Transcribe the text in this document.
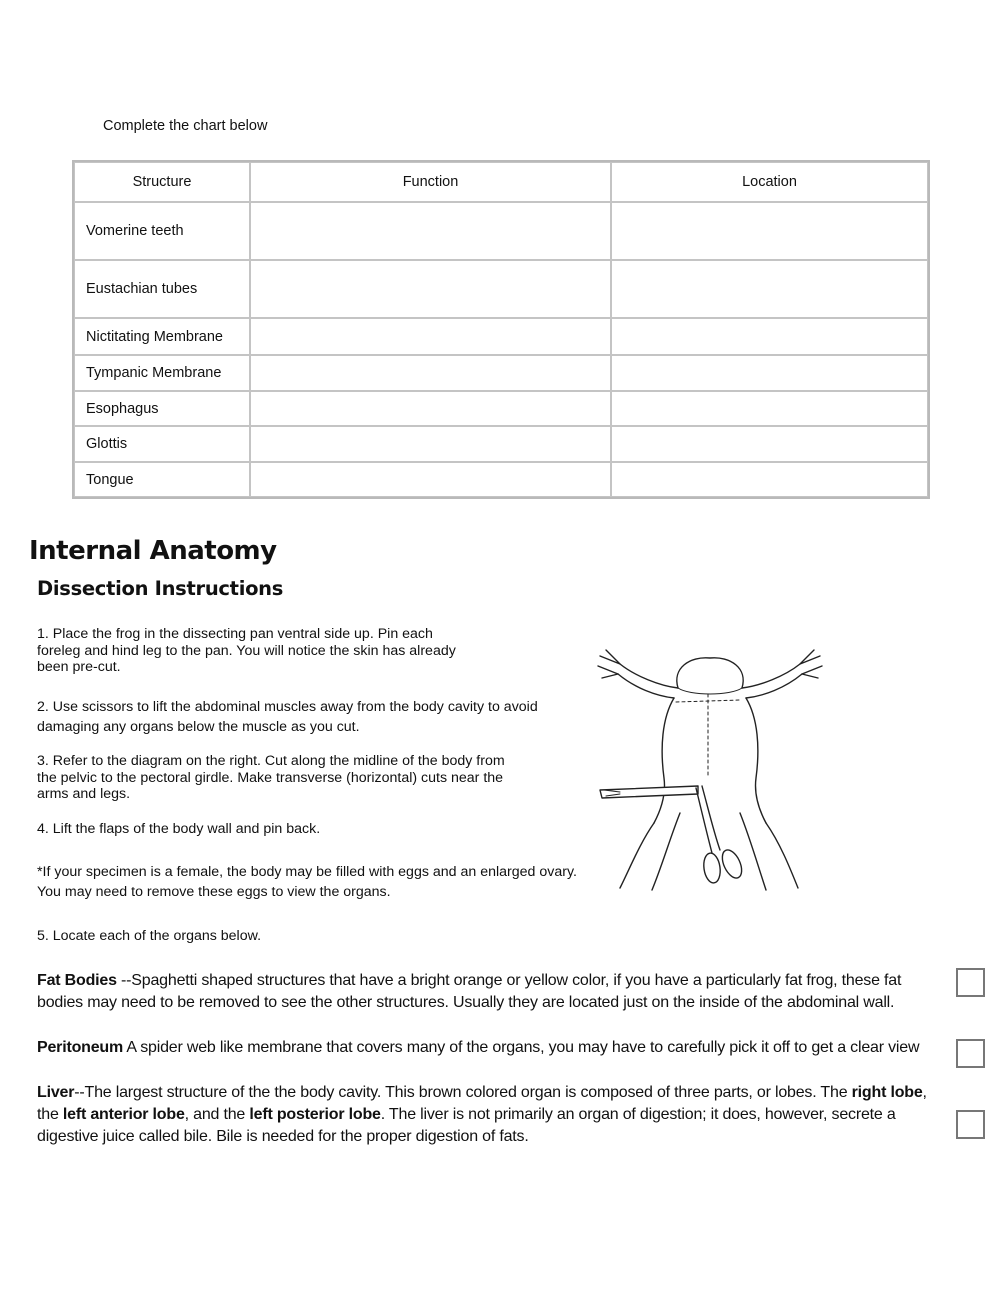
Complete the chart below
Structure	Function	Location
Vomerine teeth		
Eustachian tubes		
Nictitating Membrane		
Tympanic Membrane		
Esophagus		
Glottis		
Tongue		
Internal Anatomy
Dissection Instructions
1. Place the frog in the dissecting pan ventral side up. Pin each foreleg and hind leg to the pan. You will notice the skin has already been pre-cut.
2. Use scissors to lift the abdominal muscles away from the body cavity to avoid damaging any organs below the muscle as you cut.
3. Refer to the diagram on the right. Cut along the midline of the body from the pelvic to the pectoral girdle. Make transverse (horizontal) cuts near the arms and legs.
4. Lift the flaps of the body wall and pin back.
*If your specimen is a female, the body may be filled with eggs and an enlarged ovary. You may need to remove these eggs to view the organs.
5. Locate each of the organs below.
Fat Bodies --Spaghetti shaped structures that have a bright orange or yellow color, if you have a particularly fat frog, these fat bodies may need to be removed to see the other structures. Usually they are located just on the inside of the abdominal wall.
Peritoneum A spider web like membrane that covers many of the organs, you may have to carefully pick it off to get a clear view
Liver--The largest structure of the the body cavity. This brown colored organ is composed of three parts, or lobes. The right lobe, the left anterior lobe, and the left posterior lobe. The liver is not primarily an organ of digestion; it does, however, secrete a digestive juice called bile. Bile is needed for the proper digestion of fats.
